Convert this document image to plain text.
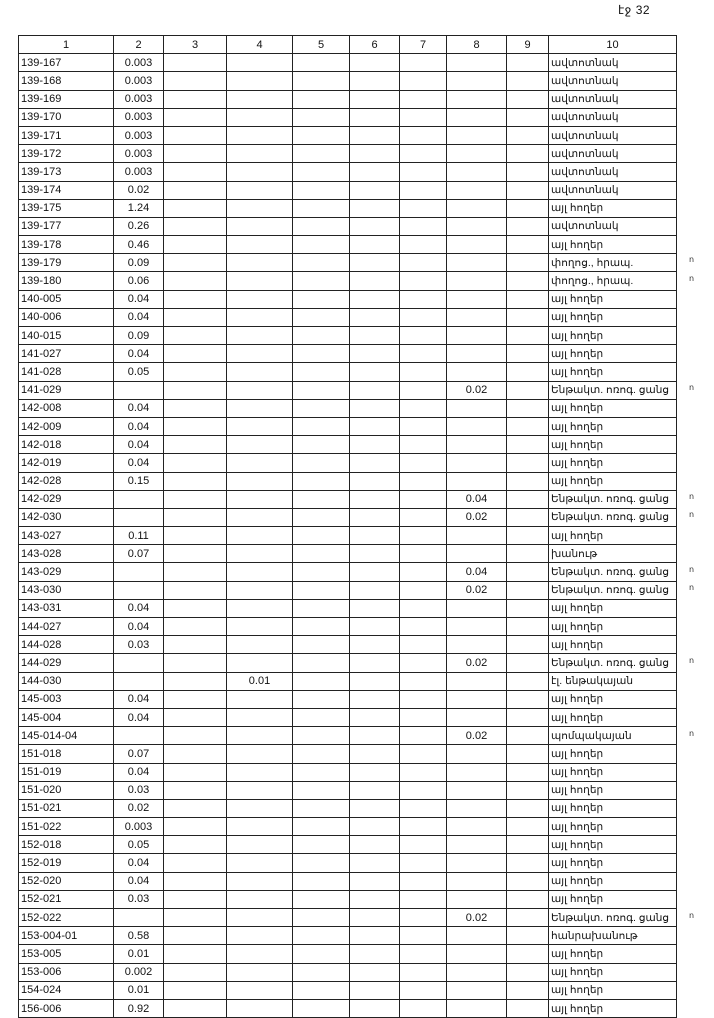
էջ 32
1	2	3	4	5	6	7	8	9	10
139-167	0.003								ավտոտնակ
139-168	0.003								ավտոտնակ
139-169	0.003								ավտոտնակ
139-170	0.003								ավտոտնակ
139-171	0.003								ավտոտնակ
139-172	0.003								ավտոտնակ
139-173	0.003								ավտոտնակ
139-174	0.02								ավտոտնակ
139-175	1.24								այլ հողեր
139-177	0.26								ավտոտնակ
139-178	0.46								այլ հողեր
139-179	0.09								փողոց., հրապ.
139-180	0.06								փողոց., հրապ.
140-005	0.04								այլ հողեր
140-006	0.04								այլ հողեր
140-015	0.09								այլ հողեր
141-027	0.04								այլ հողեր
141-028	0.05								այլ հողեր
141-029							0.02		Ենթակտ. ոռոգ. ցանց
142-008	0.04								այլ հողեր
142-009	0.04								այլ հողեր
142-018	0.04								այլ հողեր
142-019	0.04								այլ հողեր
142-028	0.15								այլ հողեր
142-029							0.04		Ենթակտ. ոռոգ. ցանց
142-030							0.02		Ենթակտ. ոռոգ. ցանց
143-027	0.11								այլ հողեր
143-028	0.07								խանութ
143-029							0.04		Ենթակտ. ոռոգ. ցանց
143-030							0.02		Ենթակտ. ոռոգ. ցանց
143-031	0.04								այլ հողեր
144-027	0.04								այլ հողեր
144-028	0.03								այլ հողեր
144-029							0.02		Ենթակտ. ոռոգ. ցանց
144-030			0.01						էլ. ենթակայան
145-003	0.04								այլ հողեր
145-004	0.04								այլ հողեր
145-014-04							0.02		պոմպակայան
151-018	0.07								այլ հողեր
151-019	0.04								այլ հողեր
151-020	0.03								այլ հողեր
151-021	0.02								այլ հողեր
151-022	0.003								այլ հողեր
152-018	0.05								այլ հողեր
152-019	0.04								այլ հողեր
152-020	0.04								այլ հողեր
152-021	0.03								այլ հողեր
152-022							0.02		Ենթակտ. ոռոգ. ցանց
153-004-01	0.58								հանրախանութ
153-005	0.01								այլ հողեր
153-006	0.002								այլ հողեր
154-024	0.01								այլ հողեր
156-006	0.92								այլ հողեր
ո
ո
ո
ո
ո
ո
ո
ո
ո
ո
